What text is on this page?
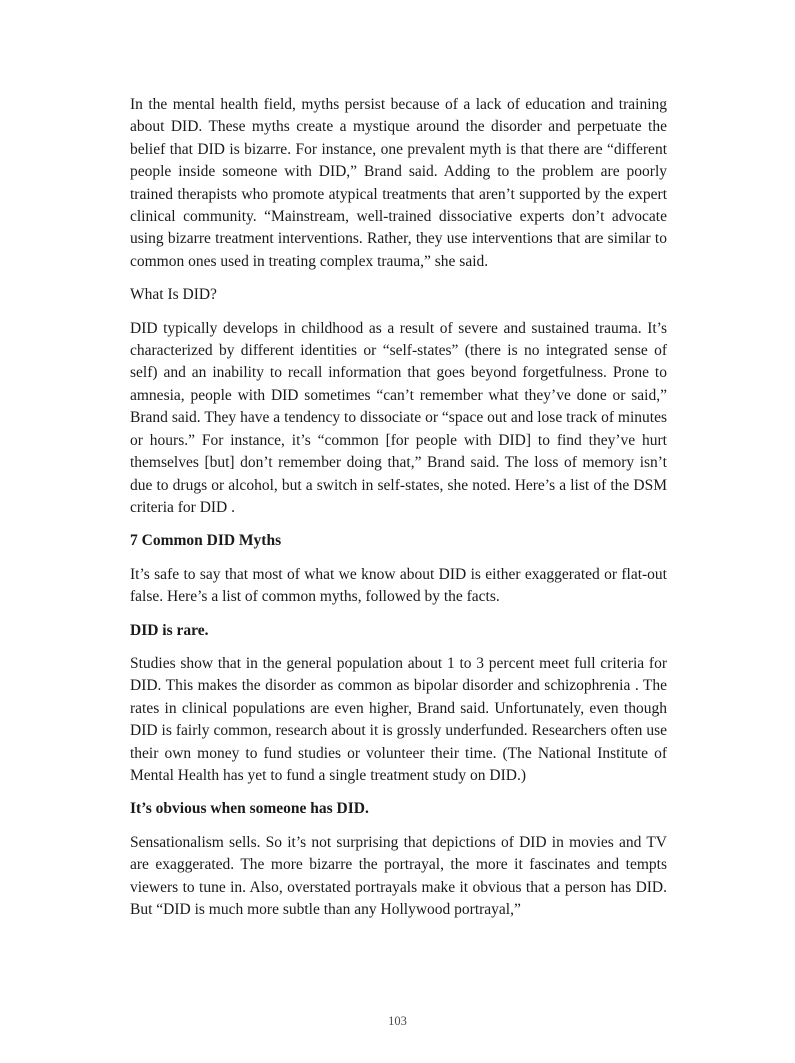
In the mental health field, myths persist because of a lack of education and training about DID. These myths create a mystique around the disorder and perpetuate the belief that DID is bizarre. For instance, one prevalent myth is that there are “different people inside someone with DID,” Brand said. Adding to the problem are poorly trained therapists who promote atypical treatments that aren’t supported by the expert clinical community. “Mainstream, well-trained dissociative experts don’t advocate using bizarre treatment interventions. Rather, they use interventions that are similar to common ones used in treating complex trauma,” she said.

What Is DID?

DID typically develops in childhood as a result of severe and sustained trauma. It’s characterized by different identities or “self-states” (there is no integrated sense of self) and an inability to recall information that goes beyond forgetfulness. Prone to amnesia, people with DID sometimes “can’t remember what they’ve done or said,” Brand said. They have a tendency to dissociate or “space out and lose track of minutes or hours.” For instance, it’s “common [for people with DID] to find they’ve hurt themselves [but] don’t remember doing that,” Brand said. The loss of memory isn’t due to drugs or alcohol, but a switch in self-states, she noted. Here’s a list of the DSM criteria for DID .

7 Common DID Myths

It’s safe to say that most of what we know about DID is either exaggerated or flat-out false. Here’s a list of common myths, followed by the facts.

DID is rare.

Studies show that in the general population about 1 to 3 percent meet full criteria for DID. This makes the disorder as common as bipolar disorder and schizophrenia . The rates in clinical populations are even higher, Brand said. Unfortunately, even though DID is fairly common, research about it is grossly underfunded. Researchers often use their own money to fund studies or volunteer their time. (The National Institute of Mental Health has yet to fund a single treatment study on DID.)

It’s obvious when someone has DID.

Sensationalism sells. So it’s not surprising that depictions of DID in movies and TV are exaggerated. The more bizarre the portrayal, the more it fascinates and tempts viewers to tune in. Also, overstated portrayals make it obvious that a person has DID. But “DID is much more subtle than any Hollywood portrayal,”

103
